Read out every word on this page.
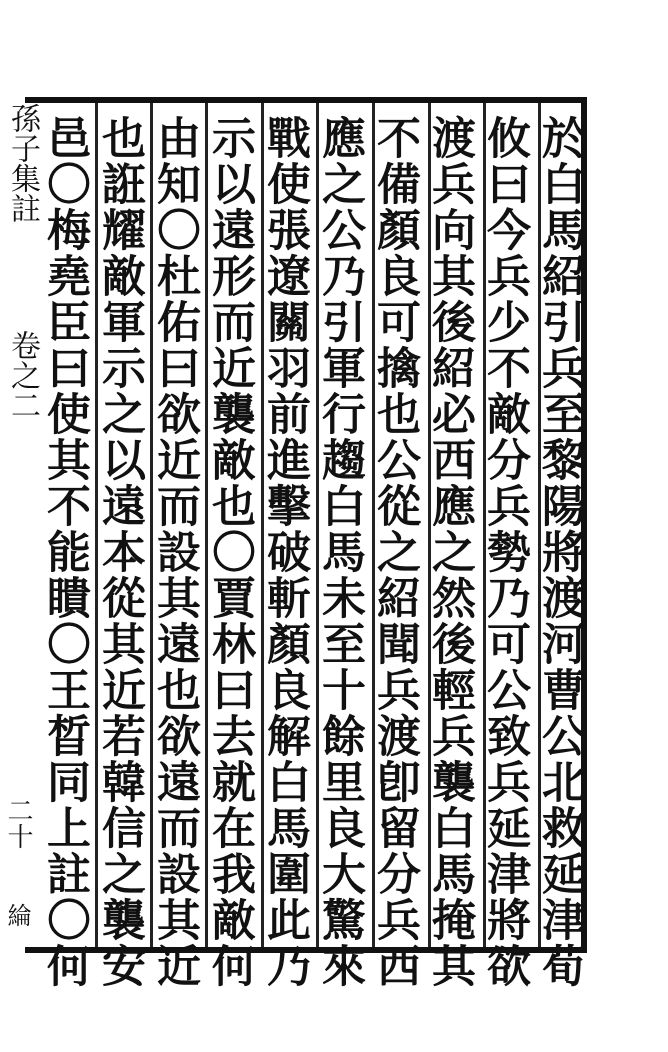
孫子集註
卷之二
二十
綸	於白馬紹引兵至黎陽將渡河曹公北救延津荀
攸曰今兵少不敵分兵勢乃可公致兵延津將欲
渡兵向其後紹必西應之然後輕兵襲白馬掩其
不備顏良可擒也公從之紹聞兵渡卽留分兵西
應之公乃引軍行趨白馬未至十餘里良大驚來
戰使張遼關羽前進擊破斬顏良解白馬圍此乃
示以遠形而近襲敵也〇賈林曰去就在我敵何
由知〇杜佑曰欲近而設其遠也欲遠而設其近
也誑耀敵軍示之以遠本從其近若韓信之襲安
邑〇梅堯臣曰使其不能瞶〇王晳同上註〇何
